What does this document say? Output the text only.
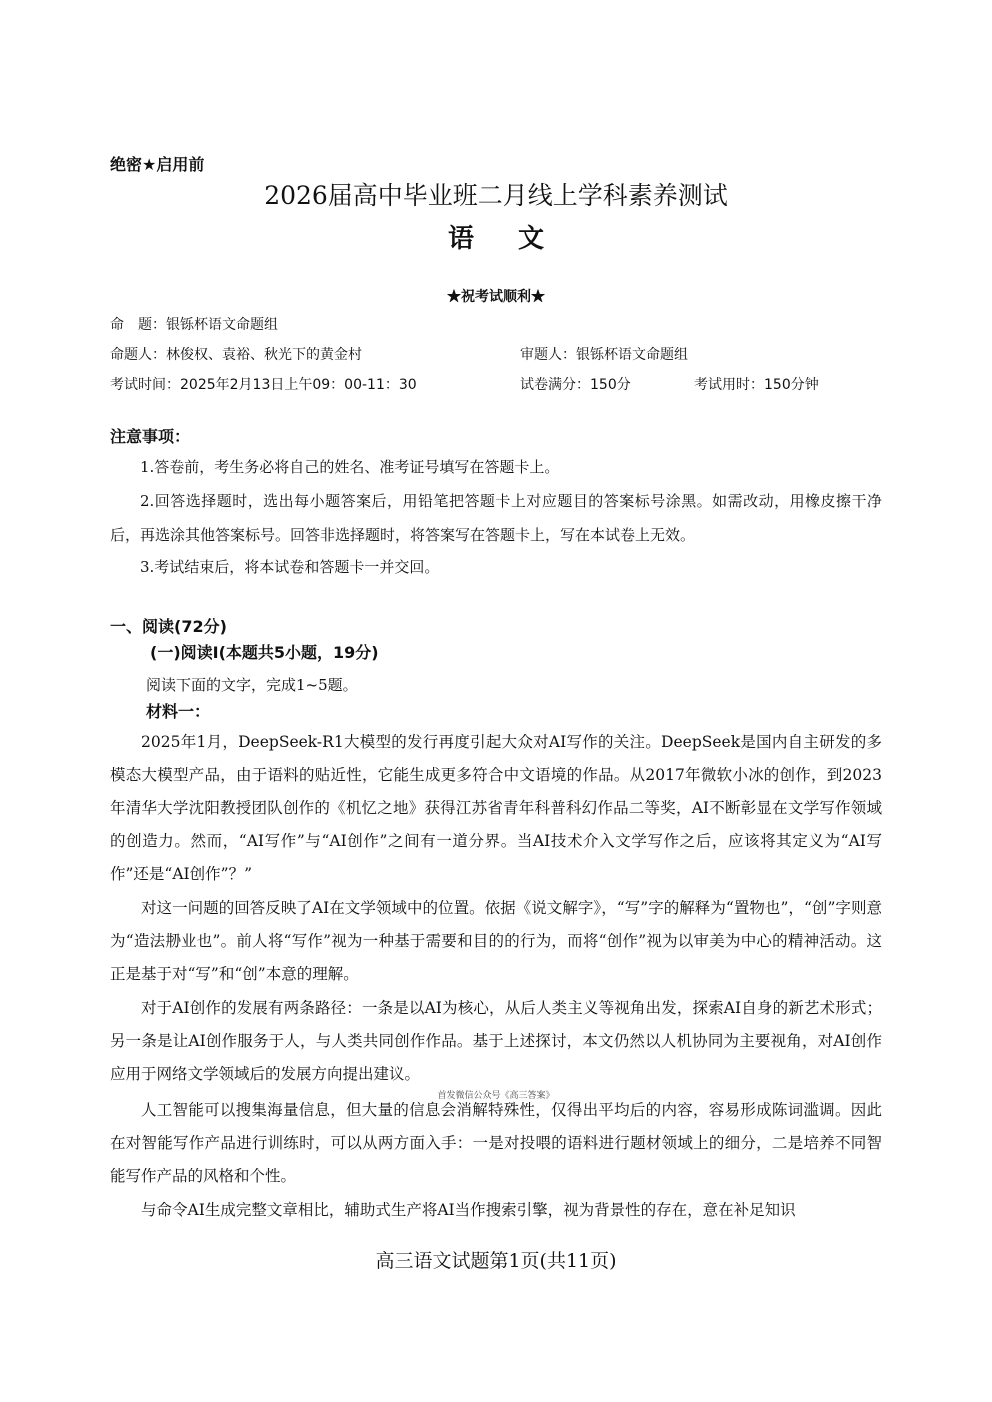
绝密★启用前
2026届高中毕业班二月线上学科素养测试
语文
★祝考试顺利★
命　题：银铄杯语文命题组
命题人：林俊权、袁裕、秋光下的黄金村	审题人：银铄杯语文命题组
考试时间：2025年2月13日上午09：00-11：30	试卷满分：150分	考试用时：150分钟
注意事项：
1.答卷前，考生务必将自己的姓名、准考证号填写在答题卡上。
2.回答选择题时，选出每小题答案后，用铅笔把答题卡上对应题目的答案标号涂黑。如需改动，用橡皮擦干净后，再选涂其他答案标号。回答非选择题时，将答案写在答题卡上，写在本试卷上无效。
3.考试结束后，将本试卷和答题卡一并交回。
一、阅读(72分)
(一)阅读Ⅰ(本题共5小题，19分)
阅读下面的文字，完成1~5题。
材料一：
2025年1月，DeepSeek-R1大模型的发行再度引起大众对AI写作的关注。DeepSeek是国内自主研发的多模态大模型产品，由于语料的贴近性，它能生成更多符合中文语境的作品。从2017年微软小冰的创作，到2023年清华大学沈阳教授团队创作的《机忆之地》获得江苏省青年科普科幻作品二等奖，AI不断彰显在文学写作领域的创造力。然而，“AI写作”与“AI创作”之间有一道分界。当AI技术介入文学写作之后，应该将其定义为“AI写作”还是“AI创作”？”
对这一问题的回答反映了AI在文学领域中的位置。依据《说文解字》，“写”字的解释为“置物也”，“创”字则意为“造法刱业也”。前人将“写作”视为一种基于需要和目的的行为，而将“创作”视为以审美为中心的精神活动。这正是基于对“写”和“创”本意的理解。
对于AI创作的发展有两条路径：一条是以AI为核心，从后人类主义等视角出发，探索AI自身的新艺术形式；另一条是让AI创作服务于人，与人类共同创作作品。基于上述探讨，本文仍然以人机协同为主要视角，对AI创作应用于网络文学领域后的发展方向提出建议。
首发微信公众号《高三答案》
人工智能可以搜集海量信息，但大量的信息会消解特殊性，仅得出平均后的内容，容易形成陈词滥调。因此在对智能写作产品进行训练时，可以从两方面入手：一是对投喂的语料进行题材领域上的细分，二是培养不同智能写作产品的风格和个性。
与命令AI生成完整文章相比，辅助式生产将AI当作搜索引擎，视为背景性的存在，意在补足知识
高三语文试题第1页(共11页)
